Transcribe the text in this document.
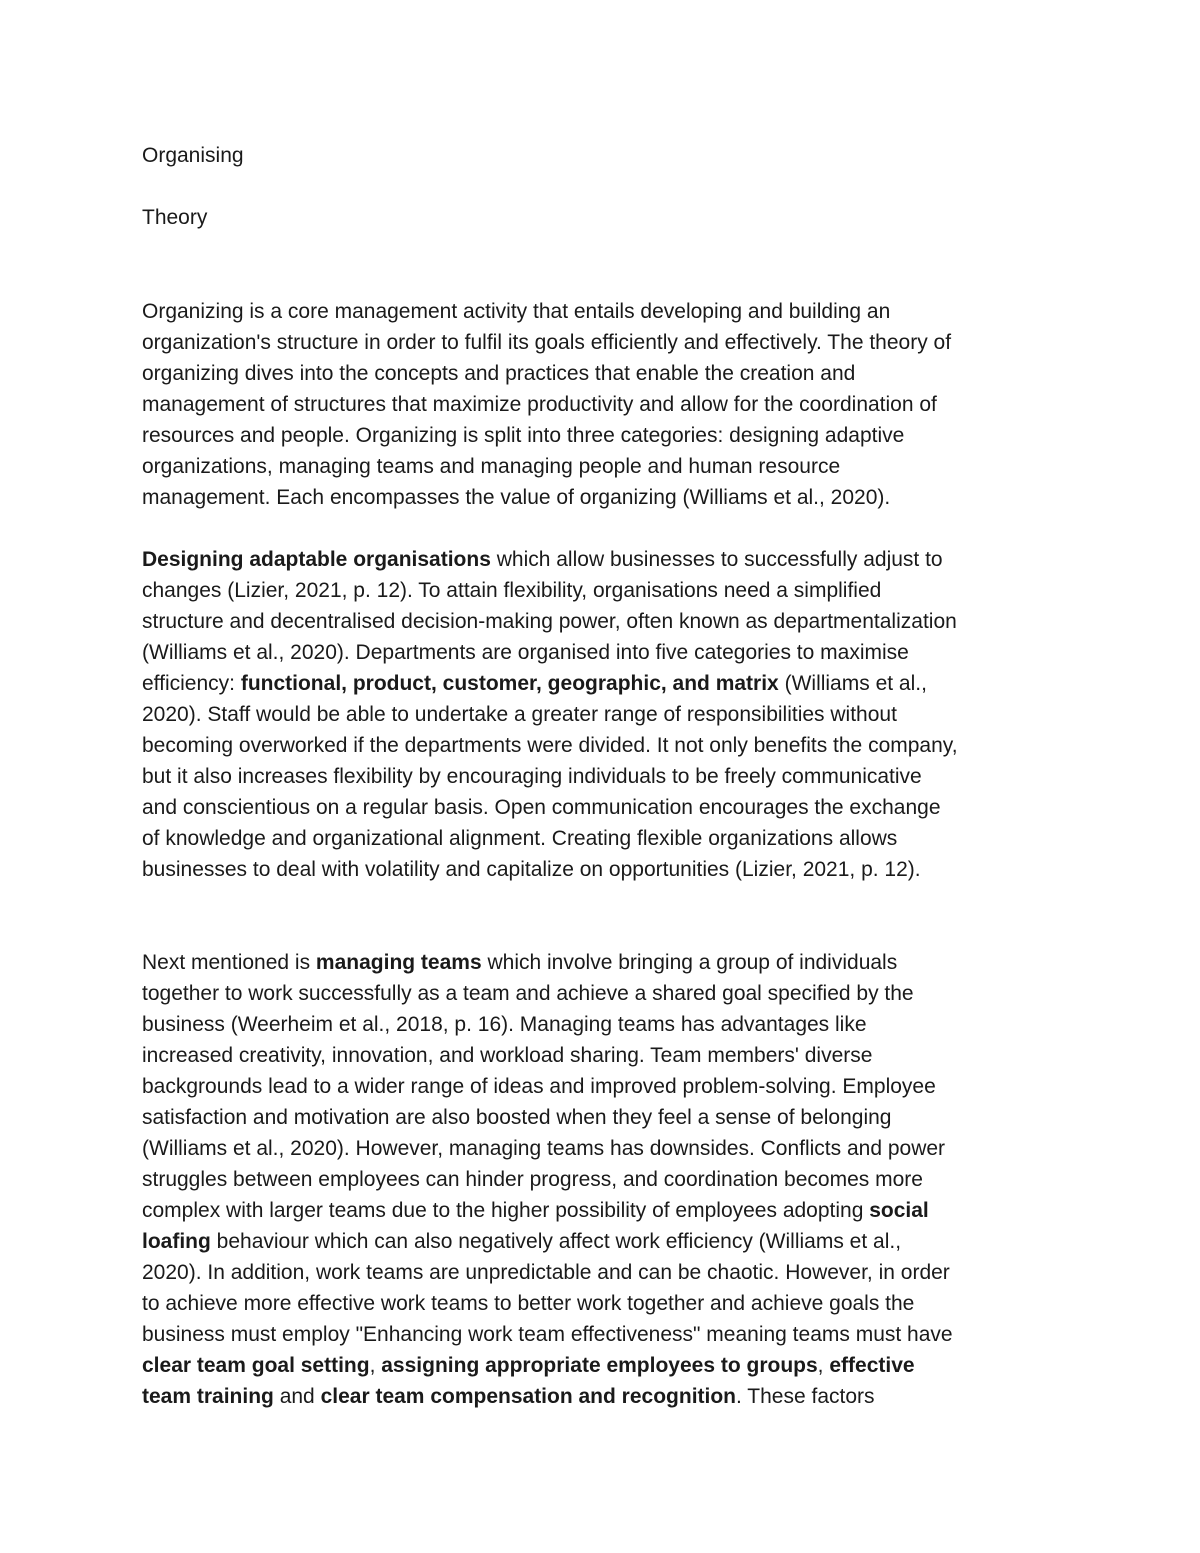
Organising
Theory
Organizing is a core management activity that entails developing and building an
organization's structure in order to fulfil its goals efficiently and effectively. The theory of
organizing dives into the concepts and practices that enable the creation and
management of structures that maximize productivity and allow for the coordination of
resources and people. Organizing is split into three categories: designing adaptive
organizations, managing teams and managing people and human resource
management. Each encompasses the value of organizing (Williams et al., 2020).
Designing adaptable organisations which allow businesses to successfully adjust to
changes (Lizier, 2021, p. 12). To attain flexibility, organisations need a simplified
structure and decentralised decision-making power, often known as departmentalization
(Williams et al., 2020). Departments are organised into five categories to maximise
efficiency: functional, product, customer, geographic, and matrix (Williams et al.,
2020). Staff would be able to undertake a greater range of responsibilities without
becoming overworked if the departments were divided. It not only benefits the company,
but it also increases flexibility by encouraging individuals to be freely communicative
and conscientious on a regular basis. Open communication encourages the exchange
of knowledge and organizational alignment. Creating flexible organizations allows
businesses to deal with volatility and capitalize on opportunities (Lizier, 2021, p. 12).
Next mentioned is managing teams which involve bringing a group of individuals
together to work successfully as a team and achieve a shared goal specified by the
business (Weerheim et al., 2018, p. 16). Managing teams has advantages like
increased creativity, innovation, and workload sharing. Team members' diverse
backgrounds lead to a wider range of ideas and improved problem-solving. Employee
satisfaction and motivation are also boosted when they feel a sense of belonging
(Williams et al., 2020). However, managing teams has downsides. Conflicts and power
struggles between employees can hinder progress, and coordination becomes more
complex with larger teams due to the higher possibility of employees adopting social
loafing behaviour which can also negatively affect work efficiency (Williams et al.,
2020). In addition, work teams are unpredictable and can be chaotic. However, in order
to achieve more effective work teams to better work together and achieve goals the
business must employ "Enhancing work team effectiveness" meaning teams must have
clear team goal setting, assigning appropriate employees to groups, effective
team training and clear team compensation and recognition. These factors
